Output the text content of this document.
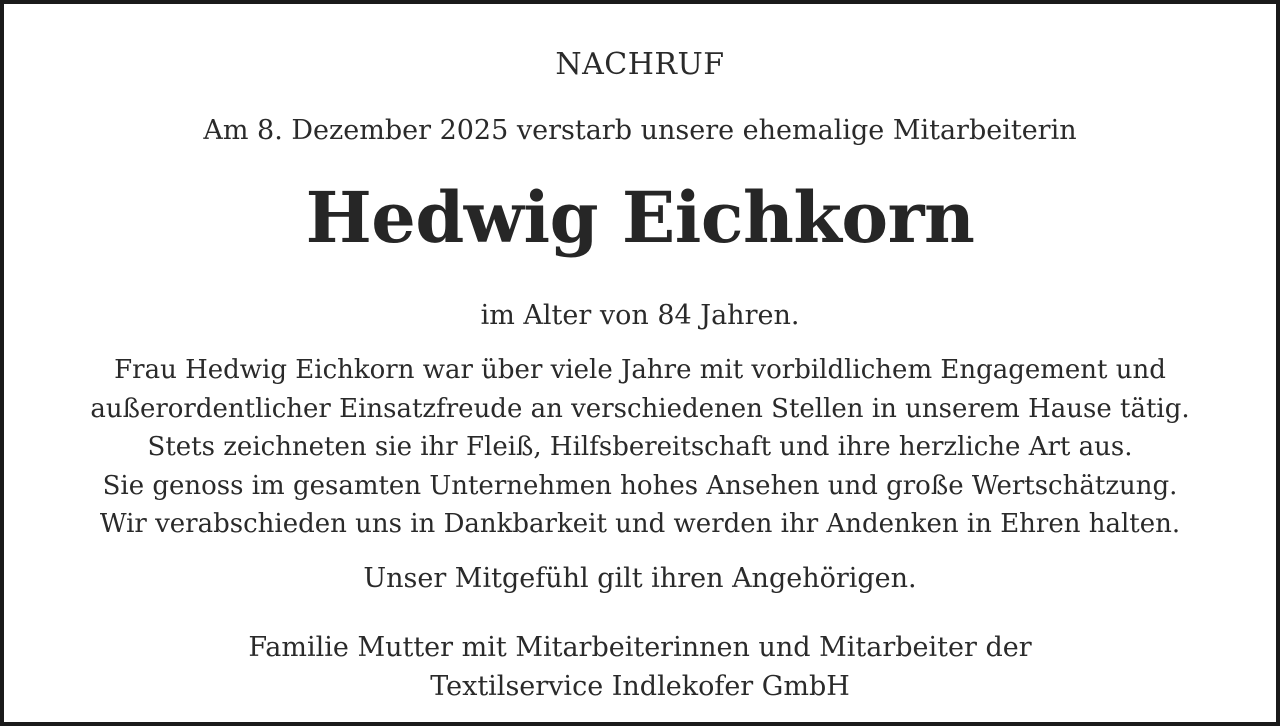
NACHRUF
Am 8. Dezember 2025 verstarb unsere ehemalige Mitarbeiterin
Hedwig Eichkorn
im Alter von 84 Jahren.
Frau Hedwig Eichkorn war über viele Jahre mit vorbildlichem Engagement und
außerordentlicher Einsatzfreude an verschiedenen Stellen in unserem Hause tätig.
Stets zeichneten sie ihr Fleiß, Hilfsbereitschaft und ihre herzliche Art aus.
Sie genoss im gesamten Unternehmen hohes Ansehen und große Wertschätzung.
Wir verabschieden uns in Dankbarkeit und werden ihr Andenken in Ehren halten.
Unser Mitgefühl gilt ihren Angehörigen.
Familie Mutter mit Mitarbeiterinnen und Mitarbeiter der
Textilservice Indlekofer GmbH
